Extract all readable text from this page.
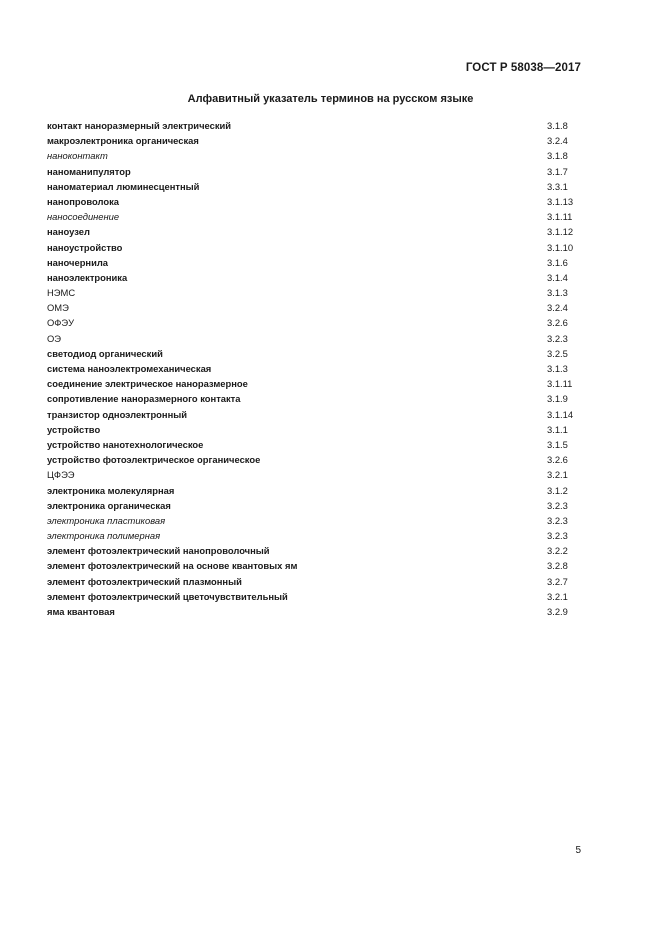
ГОСТ Р 58038—2017
Алфавитный указатель терминов на русском языке
контакт наноразмерный электрический	3.1.8
макроэлектроника органическая	3.2.4
наноконтакт	3.1.8
наноманипулятор	3.1.7
наноматериал люминесцентный	3.3.1
нанопроволока	3.1.13
наносоединение	3.1.11
наноузел	3.1.12
наноустройство	3.1.10
наночернила	3.1.6
наноэлектроника	3.1.4
НЭМС	3.1.3
ОМЭ	3.2.4
ОФЭУ	3.2.6
ОЭ	3.2.3
светодиод органический	3.2.5
система наноэлектромеханическая	3.1.3
соединение электрическое наноразмерное	3.1.11
сопротивление наноразмерного контакта	3.1.9
транзистор одноэлектронный	3.1.14
устройство	3.1.1
устройство нанотехнологическое	3.1.5
устройство фотоэлектрическое органическое	3.2.6
ЦФЭЭ	3.2.1
электроника молекулярная	3.1.2
электроника органическая	3.2.3
электроника пластиковая	3.2.3
электроника полимерная	3.2.3
элемент фотоэлектрический нанопроволочный	3.2.2
элемент фотоэлектрический на основе квантовых ям	3.2.8
элемент фотоэлектрический плазмонный	3.2.7
элемент фотоэлектрический цветочувствительный	3.2.1
яма квантовая	3.2.9
5
